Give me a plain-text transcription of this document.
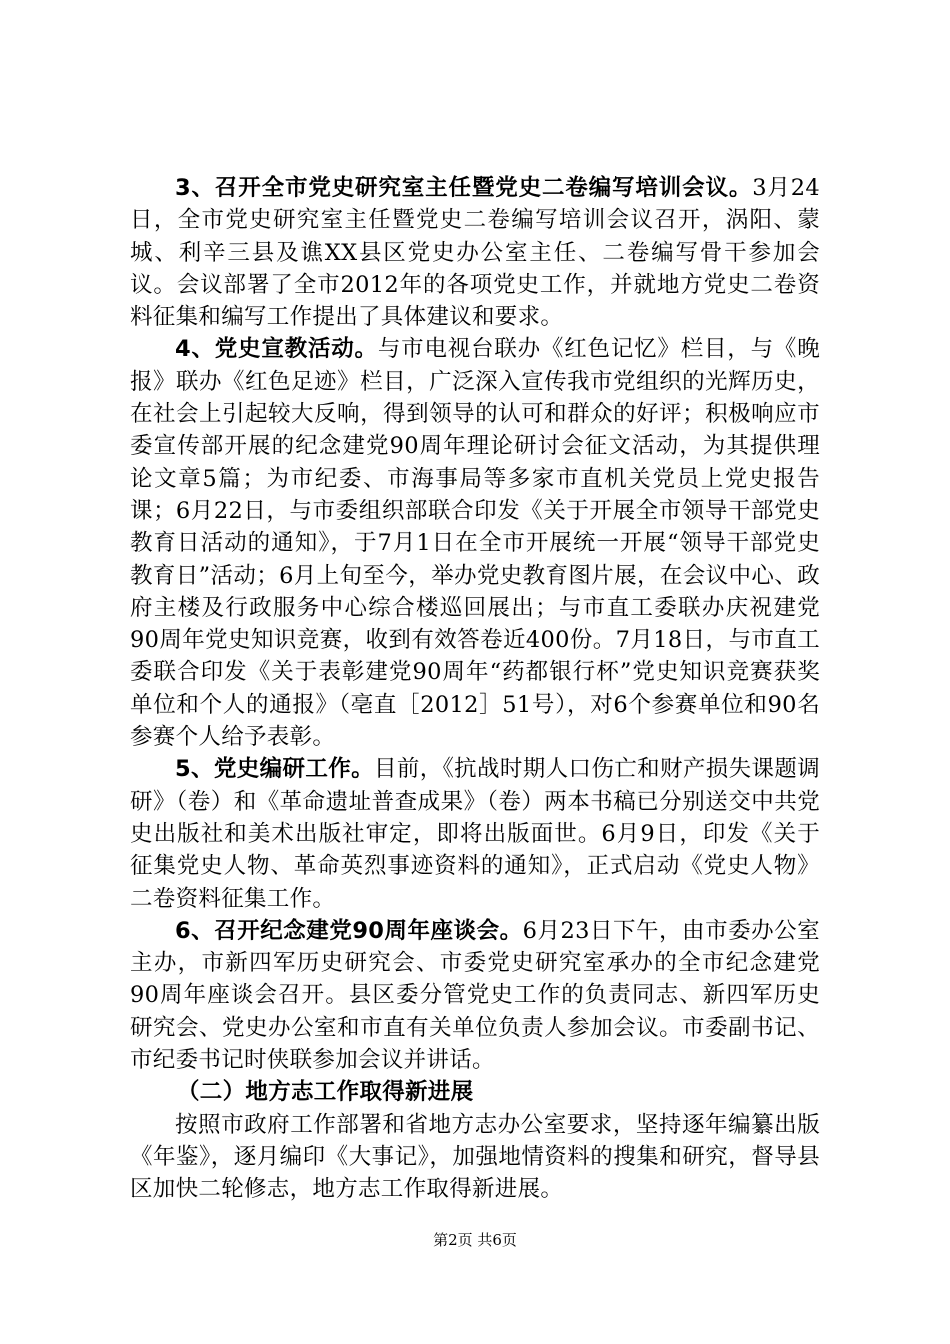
3、召开全市党史研究室主任暨党史二卷编写培训会议。3月24日，全市党史研究室主任暨党史二卷编写培训会议召开，涡阳、蒙城、利辛三县及谯XX县区党史办公室主任、二卷编写骨干参加会议。会议部署了全市2012年的各项党史工作，并就地方党史二卷资料征集和编写工作提出了具体建议和要求。

4、党史宣教活动。与市电视台联办《红色记忆》栏目，与《晚报》联办《红色足迹》栏目，广泛深入宣传我市党组织的光辉历史，在社会上引起较大反响，得到领导的认可和群众的好评；积极响应市委宣传部开展的纪念建党90周年理论研讨会征文活动，为其提供理论文章5篇；为市纪委、市海事局等多家市直机关党员上党史报告课；6月22日，与市委组织部联合印发《关于开展全市领导干部党史教育日活动的通知》，于7月1日在全市开展统一开展“领导干部党史教育日”活动；6月上旬至今，举办党史教育图片展，在会议中心、政府主楼及行政服务中心综合楼巡回展出；与市直工委联办庆祝建党90周年党史知识竞赛，收到有效答卷近400份。7月18日，与市直工委联合印发《关于表彰建党90周年“药都银行杯”党史知识竞赛获奖单位和个人的通报》（亳直［2012］51号），对6个参赛单位和90名参赛个人给予表彰。

5、党史编研工作。目前，《抗战时期人口伤亡和财产损失课题调研》（卷）和《革命遗址普查成果》（卷）两本书稿已分别送交中共党史出版社和美术出版社审定，即将出版面世。6月9日，印发《关于征集党史人物、革命英烈事迹资料的通知》，正式启动《党史人物》二卷资料征集工作。

6、召开纪念建党90周年座谈会。6月23日下午，由市委办公室主办，市新四军历史研究会、市委党史研究室承办的全市纪念建党90周年座谈会召开。县区委分管党史工作的负责同志、新四军历史研究会、党史办公室和市直有关单位负责人参加会议。市委副书记、市纪委书记时侠联参加会议并讲话。

（二）地方志工作取得新进展

按照市政府工作部署和省地方志办公室要求，坚持逐年编纂出版《年鉴》，逐月编印《大事记》，加强地情资料的搜集和研究，督导县区加快二轮修志，地方志工作取得新进展。

第2页 共6页
